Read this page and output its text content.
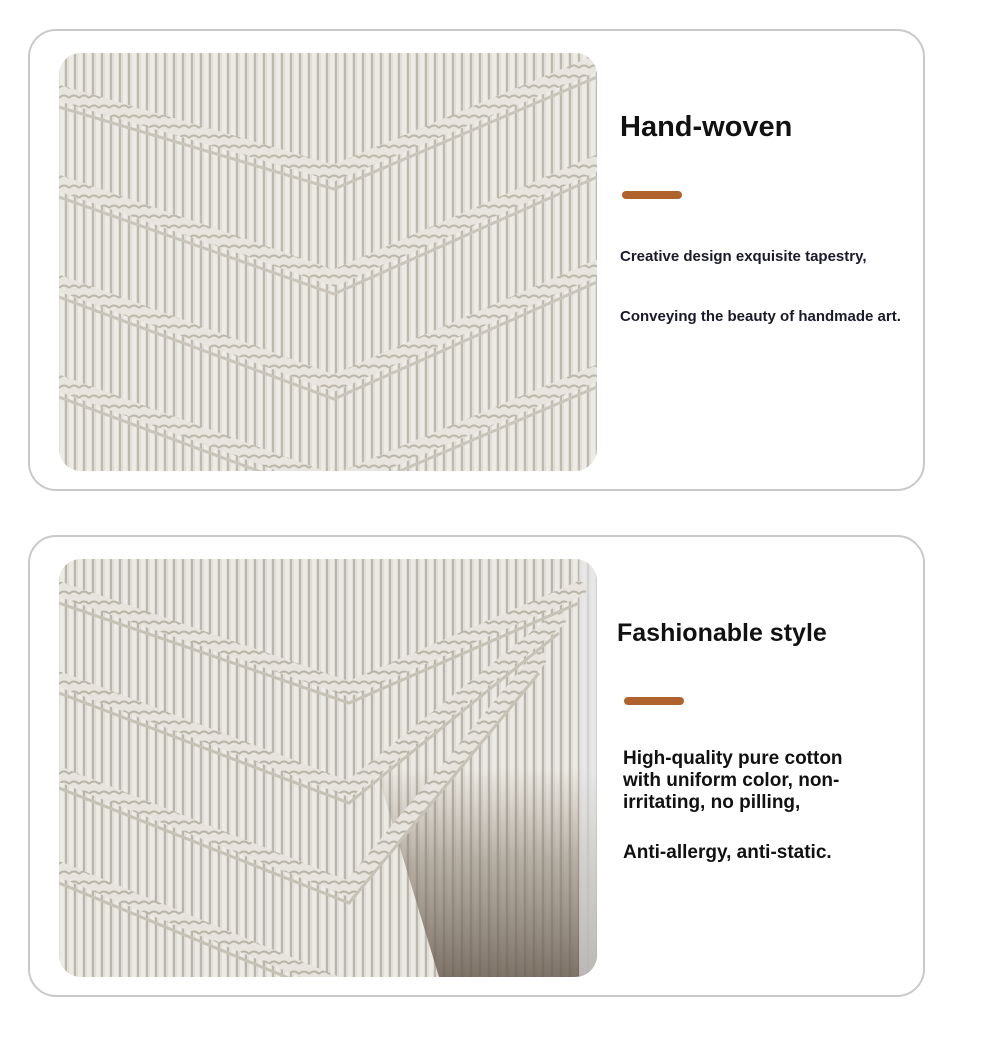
Hand-woven

Creative design exquisite tapestry,

Conveying the beauty of handmade art.

Fashionable style

High-quality pure cotton with uniform color, non-irritating, no pilling,

Anti-allergy, anti-static.
